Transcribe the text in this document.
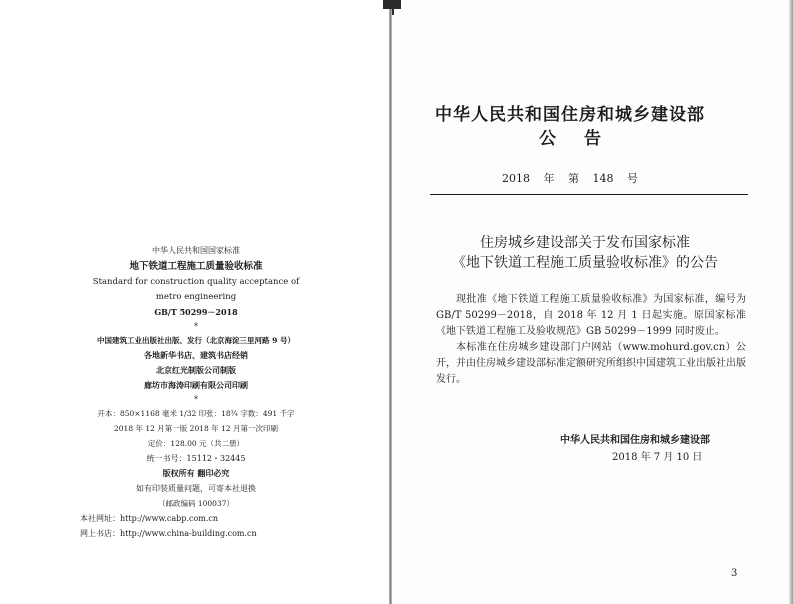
中华人民共和国国家标准
地下铁道工程施工质量验收标准
Standard for construction quality acceptance of
metro engineering
GB/T 50299－2018
*
中国建筑工业出版社出版、发行（北京海淀三里河路 9 号）
各地新华书店、建筑书店经销
北京红光制版公司制版
廊坊市海涛印刷有限公司印刷
*
开本：850×1168 毫米 1/32 印张：18¾ 字数：491 千字
2018 年 12 月第一版 2018 年 12 月第一次印刷
定价：128.00 元（共二册）
统一书号：15112・32445
版权所有 翻印必究
如有印装质量问题，可寄本社退换
（邮政编码 100037）
本社网址：http://www.cabp.com.cn
网上书店：http://www.china-building.com.cn
中华人民共和国住房和城乡建设部
公告
2018 年 第 148 号
住房城乡建设部关于发布国家标准
《地下铁道工程施工质量验收标准》的公告

现批准《地下铁道工程施工质量验收标准》为国家标准，编号为 GB/T 50299－2018，自 2018 年 12 月 1 日起实施。原国家标准《地下铁道工程施工及验收规范》GB 50299－1999 同时废止。

本标准在住房城乡建设部门户网站（www.mohurd.gov.cn）公开，并由住房城乡建设部标准定额研究所组织中国建筑工业出版社出版发行。

中华人民共和国住房和城乡建设部
2018 年 7 月 10 日
3
